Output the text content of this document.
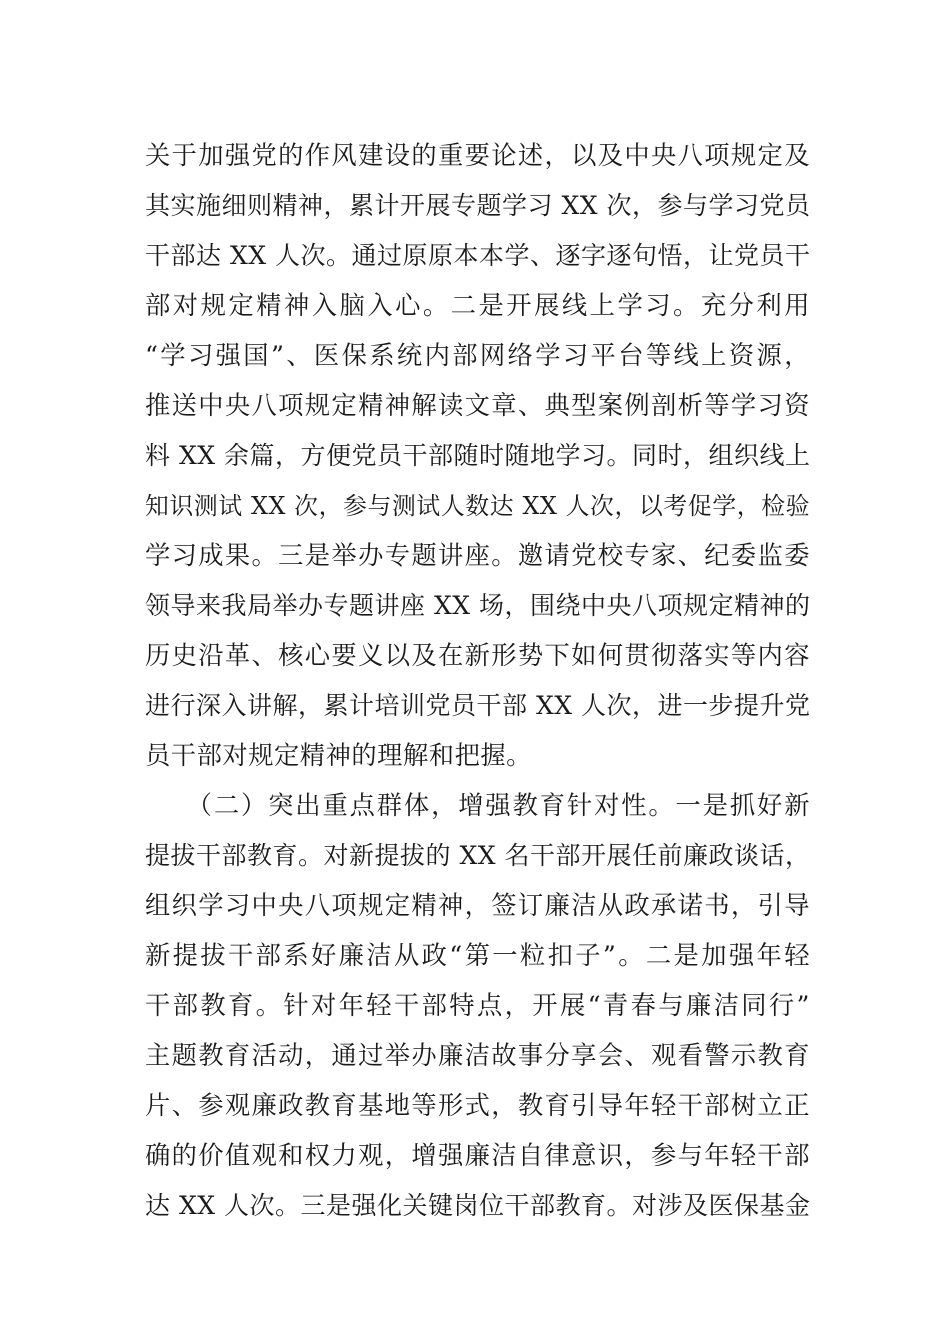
关于加强党的作风建设的重要论述，以及中央八项规定及
其实施细则精神，累计开展专题学习 XX 次，参与学习党员
干部达 XX 人次。通过原原本本学、逐字逐句悟，让党员干
部对规定精神入脑入心。二是开展线上学习。充分利用
“学习强国”、医保系统内部网络学习平台等线上资源，
推送中央八项规定精神解读文章、典型案例剖析等学习资
料 XX 余篇，方便党员干部随时随地学习。同时，组织线上
知识测试 XX 次，参与测试人数达 XX 人次，以考促学，检验
学习成果。三是举办专题讲座。邀请党校专家、纪委监委
领导来我局举办专题讲座 XX 场，围绕中央八项规定精神的
历史沿革、核心要义以及在新形势下如何贯彻落实等内容
进行深入讲解，累计培训党员干部 XX 人次，进一步提升党
员干部对规定精神的理解和把握。
　　（二）突出重点群体，增强教育针对性。一是抓好新
提拔干部教育。对新提拔的 XX 名干部开展任前廉政谈话，
组织学习中央八项规定精神，签订廉洁从政承诺书，引导
新提拔干部系好廉洁从政“第一粒扣子”。二是加强年轻
干部教育。针对年轻干部特点，开展“青春与廉洁同行”
主题教育活动，通过举办廉洁故事分享会、观看警示教育
片、参观廉政教育基地等形式，教育引导年轻干部树立正
确的价值观和权力观，增强廉洁自律意识，参与年轻干部
达 XX 人次。三是强化关键岗位干部教育。对涉及医保基金
